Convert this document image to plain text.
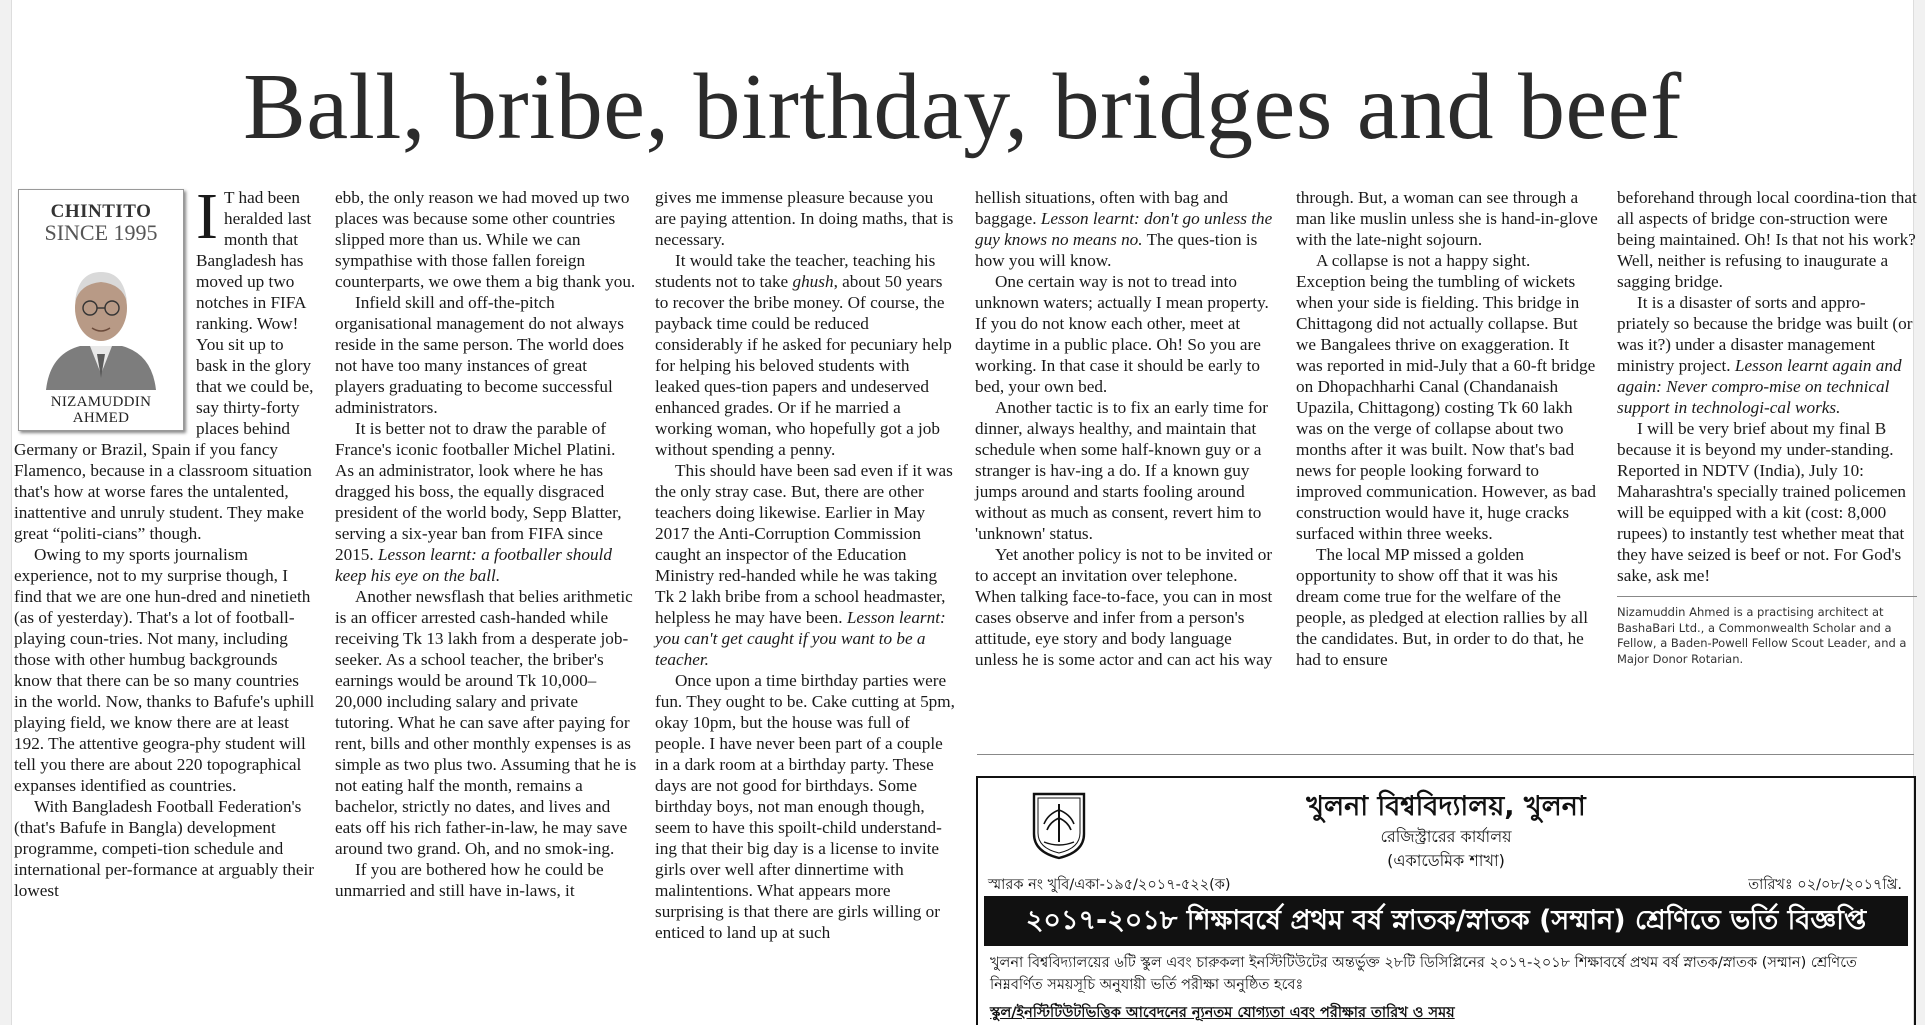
Ball, bribe, birthday, bridges and beef
CHINTITO
SINCE 1995
NIZAMUDDIN
AHMED

I T had been heralded last month that Bangladesh has moved up two notches in FIFA ranking. Wow! You sit up to bask in the glory that we could be, say thirty-forty places behind Germany or Brazil, Spain if you fancy Flamenco, because in a classroom situation that's how at worse fares the untalented, inattentive and unruly student. They make great “politi-cians” though.

Owing to my sports journalism experience, not to my surprise though, I find that we are one hun-dred and ninetieth (as of yesterday). That's a lot of football-playing coun-tries. Not many, including those with other humbug backgrounds know that there can be so many countries in the world. Now, thanks to Bafufe's uphill playing field, we know there are at least 192. The attentive geogra-phy student will tell you there are about 220 topographical expanses identified as countries.

With Bangladesh Football Federation's (that's Bafufe in Bangla) development programme, competi-tion schedule and international per-formance at arguably their lowest

ebb, the only reason we had moved up two places was because some other countries slipped more than us. While we can sympathise with those fallen foreign counterparts, we owe them a big thank you.

Infield skill and off-the-pitch organisational management do not always reside in the same person. The world does not have too many instances of great players graduating to become successful administrators.

It is better not to draw the parable of France's iconic footballer Michel Platini. As an administrator, look where he has dragged his boss, the equally disgraced president of the world body, Sepp Blatter, serving a six-year ban from FIFA since 2015. Lesson learnt: a footballer should keep his eye on the ball.

Another newsflash that belies arithmetic is an officer arrested cash-handed while receiving Tk 13 lakh from a desperate job-seeker. As a school teacher, the briber's earnings would be around Tk 10,000–20,000 including salary and private tutoring. What he can save after paying for rent, bills and other monthly expenses is as simple as two plus two. Assuming that he is not eating half the month, remains a bachelor, strictly no dates, and lives and eats off his rich father-in-law, he may save around two grand. Oh, and no smok-ing.

If you are bothered how he could be unmarried and still have in-laws, it

gives me immense pleasure because you are paying attention. In doing maths, that is necessary.

It would take the teacher, teaching his students not to take ghush, about 50 years to recover the bribe money. Of course, the payback time could be reduced considerably if he asked for pecuniary help for helping his beloved students with leaked ques-tion papers and undeserved enhanced grades. Or if he married a working woman, who hopefully got a job without spending a penny.

This should have been sad even if it was the only stray case. But, there are other teachers doing likewise. Earlier in May 2017 the Anti-Corruption Commission caught an inspector of the Education Ministry red-handed while he was taking Tk 2 lakh bribe from a school headmaster, helpless he may have been. Lesson learnt: you can't get caught if you want to be a teacher.

Once upon a time birthday parties were fun. They ought to be. Cake cutting at 5pm, okay 10pm, but the house was full of people. I have never been part of a couple in a dark room at a birthday party. These days are not good for birthdays. Some birthday boys, not man enough though, seem to have this spoilt-child understand-ing that their big day is a license to invite girls over well after dinnertime with malintentions. What appears more surprising is that there are girls willing or enticed to land up at such

hellish situations, often with bag and baggage. Lesson learnt: don't go unless the guy knows no means no. The ques-tion is how you will know.

One certain way is not to tread into unknown waters; actually I mean property. If you do not know each other, meet at daytime in a public place. Oh! So you are working. In that case it should be early to bed, your own bed.

Another tactic is to fix an early time for dinner, always healthy, and maintain that schedule when some half-known guy or a stranger is hav-ing a do. If a known guy jumps around and starts fooling around without as much as consent, revert him to 'unknown' status.

Yet another policy is not to be invited or to accept an invitation over telephone. When talking face-to-face, you can in most cases observe and infer from a person's attitude, eye story and body language unless he is some actor and can act his way

through. But, a woman can see through a man like muslin unless she is hand-in-glove with the late-night sojourn.

A collapse is not a happy sight. Exception being the tumbling of wickets when your side is fielding. This bridge in Chittagong did not actually collapse. But we Bangalees thrive on exaggeration. It was reported in mid-July that a 60-ft bridge on Dhopachharhi Canal (Chandanaish Upazila, Chittagong) costing Tk 60 lakh was on the verge of collapse about two months after it was built. Now that's bad news for people looking forward to improved communication. However, as bad construction would have it, huge cracks surfaced within three weeks.

The local MP missed a golden opportunity to show off that it was his dream come true for the welfare of the people, as pledged at election rallies by all the candidates. But, in order to do that, he had to ensure

beforehand through local coordina-tion that all aspects of bridge con-struction were being maintained. Oh! Is that not his work? Well, neither is refusing to inaugurate a sagging bridge.

It is a disaster of sorts and appro-priately so because the bridge was built (or was it?) under a disaster management ministry project. Lesson learnt again and again: Never compro-mise on technical support in technologi-cal works.

I will be very brief about my final B because it is beyond my under-standing. Reported in NDTV (India), July 10: Maharashtra's specially trained policemen will be equipped with a kit (cost: 8,000 rupees) to instantly test whether meat that they have seized is beef or not. For God's sake, ask me!

Nizamuddin Ahmed is a practising architect at BashaBari Ltd., a Commonwealth Scholar and a Fellow, a Baden-Powell Fellow Scout Leader, and a Major Donor Rotarian.
খুলনা বিশ্ববিদ্যালয়, খুলনা
রেজিস্ট্রারের কার্যালয়
(একাডেমিক শাখা)
স্মারক নং খুবি/একা-১৯৫/২০১৭-৫২২(ক)	তারিখঃ ০২/০৮/২০১৭খ্রি.
২০১৭-২০১৮ শিক্ষাবর্ষে প্রথম বর্ষ স্নাতক/স্নাতক (সম্মান) শ্রেণিতে ভর্তি বিজ্ঞপ্তি
খুলনা বিশ্ববিদ্যালয়ের ৬টি স্কুল এবং চারুকলা ইনস্টিটিউটের অন্তর্ভুক্ত ২৮টি ডিসিপ্লিনের ২০১৭-২০১৮ শিক্ষাবর্ষে প্রথম বর্ষ স্নাতক/স্নাতক (সম্মান) শ্রেণিতে নিম্নবর্ণিত সময়সূচি অনুযায়ী ভর্তি পরীক্ষা অনুষ্ঠিত হবেঃ
স্কুল/ইনস্টিটিউটভিত্তিক আবেদনের ন্যূনতম যোগ্যতা এবং পরীক্ষার তারিখ ও সময়
